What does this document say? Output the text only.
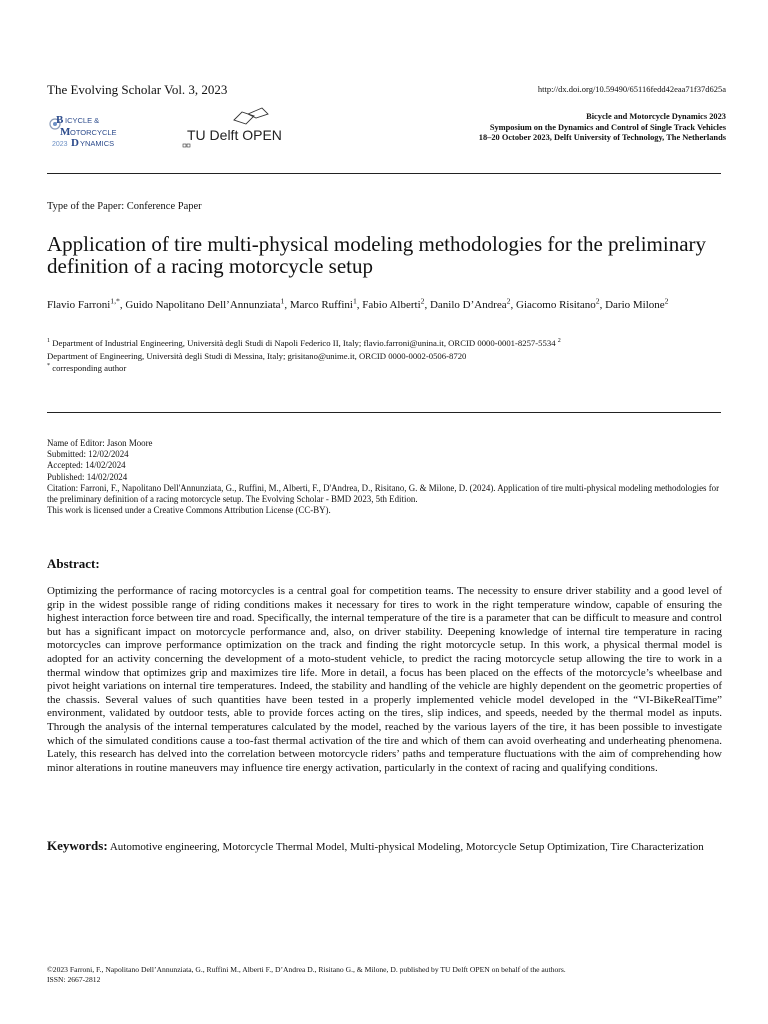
The Evolving Scholar Vol. 3, 2023	http://dx.doi.org/10.59490/65116fedd42eaa71f37d625a
B ICYCLE &
M OTORCYCLE
2023 D YNAMICS
TU Delft OPEN
Bicycle and Motorcycle Dynamics 2023
Symposium on the Dynamics and Control of Single Track Vehicles
18–20 October 2023, Delft University of Technology, The Netherlands
Type of the Paper: Conference Paper
Application of tire multi-physical modeling methodologies for the preliminary definition of a racing motorcycle setup
Flavio Farroni$^{1,*}$, Guido Napolitano Dell’Annunziata$^1$, Marco Ruffini$^1$, Fabio Alberti$^2$, Danilo D’Andrea$^2$, Giacomo Risitano$^2$, Dario Milone$^2$
$^1$ Department of Industrial Engineering, Università degli Studi di Napoli Federico II, Italy; flavio.farroni@unina.it, ORCID 0000-0001-8257-5534 $^2$
Department of Engineering, Università degli Studi di Messina, Italy; grisitano@unime.it, ORCID 0000-0002-0506-8720
* corresponding author
Name of Editor: Jason Moore
Submitted: 12/02/2024
Accepted: 14/02/2024
Published: 14/02/2024
Citation: Farroni, F., Napolitano Dell'Annunziata, G., Ruffini, M., Alberti, F., D'Andrea, D., Risitano, G. & Milone, D. (2024). Application of tire multi-physical modeling methodologies for the preliminary definition of a racing motorcycle setup. The Evolving Scholar - BMD 2023, 5th Edition.
This work is licensed under a Creative Commons Attribution License (CC-BY).
Abstract:
Optimizing the performance of racing motorcycles is a central goal for competition teams. The necessity to ensure driver stability and a good level of grip in the widest possible range of riding conditions makes it necessary for tires to work in the right temperature window, capable of ensuring the highest interaction force between tire and road. Specifically, the internal temperature of the tire is a parameter that can be difficult to measure and control but has a significant impact on motorcycle performance and, also, on driver stability. Deepening knowledge of internal tire temperature in racing motorcycles can improve performance optimization on the track and finding the right motorcycle setup. In this work, a physical thermal model is adopted for an activity concerning the development of a moto-student vehicle, to predict the racing motorcycle setup allowing the tire to work in a thermal window that optimizes grip and maximizes tire life. More in detail, a focus has been placed on the effects of the motorcycle’s wheelbase and pivot height variations on internal tire temperatures. Indeed, the stability and handling of the vehicle are highly dependent on the geometric properties of the chassis. Several values of such quantities have been tested in a properly implemented vehicle model developed in the “VI-BikeRealTime” environment, validated by outdoor tests, able to provide forces acting on the tires, slip indices, and speeds, needed by the thermal model as inputs. Through the analysis of the internal temperatures calculated by the model, reached by the various layers of the tire, it has been possible to investigate which of the simulated conditions cause a too-fast thermal activation of the tire and which of them can avoid overheating and underheating phenomena. Lately, this research has delved into the correlation between motorcycle riders’ paths and temperature fluctuations with the aim of comprehending how minor alterations in routine maneuvers may influence tire energy activation, particularly in the context of racing and qualifying conditions.
Keywords: Automotive engineering, Motorcycle Thermal Model, Multi-physical Modeling, Motorcycle Setup Optimization, Tire Characterization
©2023 Farroni, F., Napolitano Dell’Annunziata, G., Ruffini M., Alberti F., D’Andrea D., Risitano G., & Milone, D. published by TU Delft OPEN on behalf of the authors.
ISSN: 2667-2812
